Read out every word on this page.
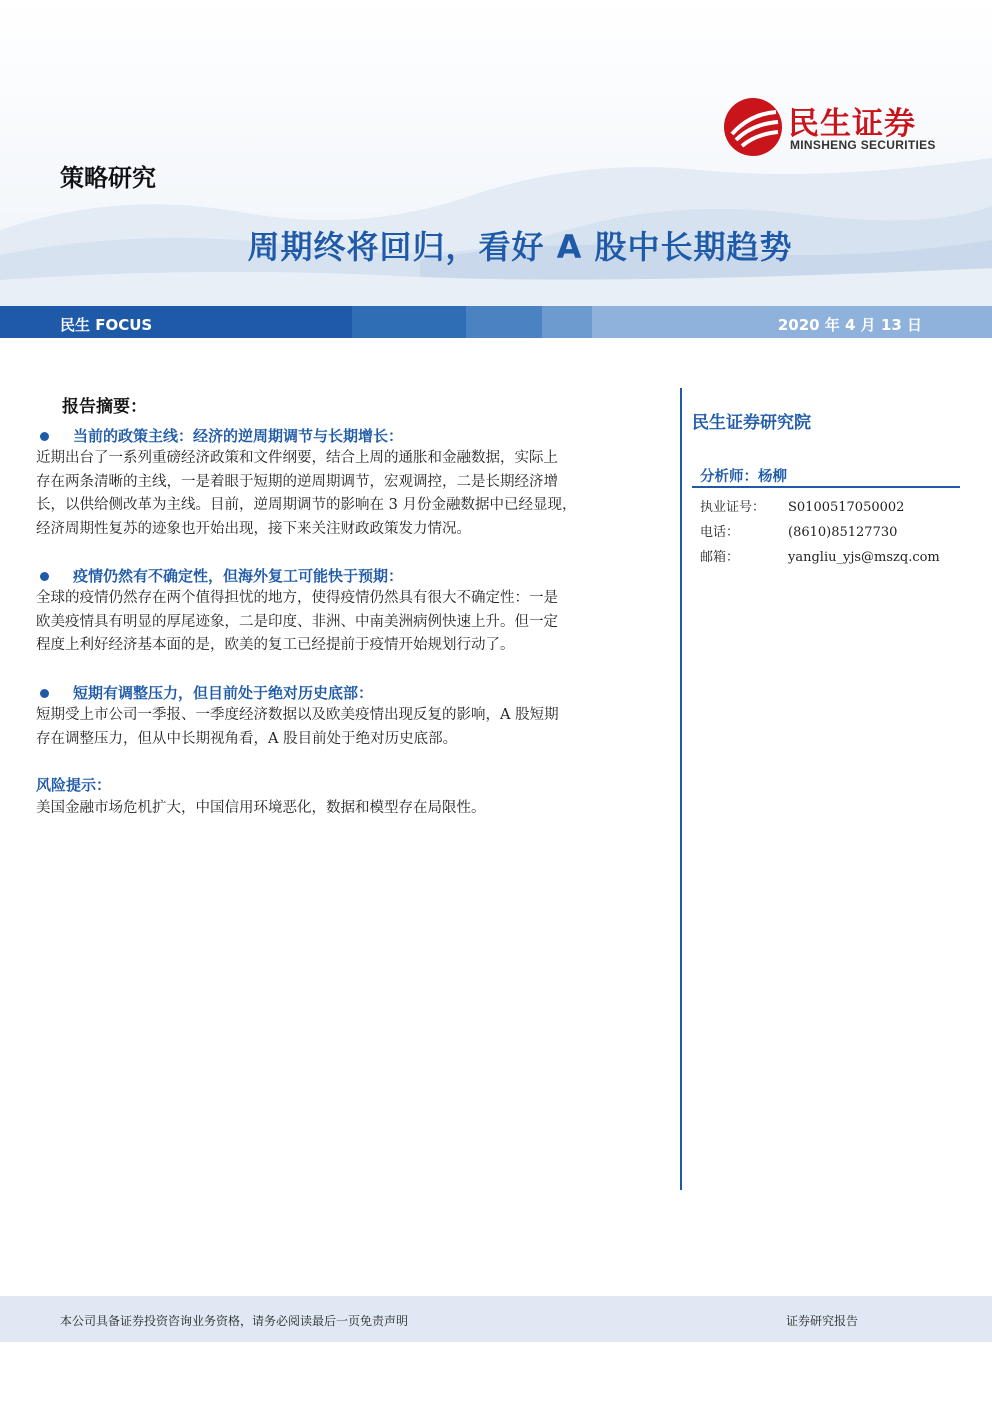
民生证券
MINSHENG SECURITIES
策略研究
周期终将回归，看好 A 股中长期趋势
民生 FOCUS	2020 年 4 月 13 日
报告摘要：
当前的政策主线：经济的逆周期调节与长期增长：
近期出台了一系列重磅经济政策和文件纲要，结合上周的通胀和金融数据，实际上
存在两条清晰的主线，一是着眼于短期的逆周期调节，宏观调控，二是长期经济增
长，以供给侧改革为主线。目前，逆周期调节的影响在 3 月份金融数据中已经显现，
经济周期性复苏的迹象也开始出现，接下来关注财政政策发力情况。
疫情仍然有不确定性，但海外复工可能快于预期：
全球的疫情仍然存在两个值得担忧的地方，使得疫情仍然具有很大不确定性：一是
欧美疫情具有明显的厚尾迹象，二是印度、非洲、中南美洲病例快速上升。但一定
程度上利好经济基本面的是，欧美的复工已经提前于疫情开始规划行动了。
短期有调整压力，但目前处于绝对历史底部：
短期受上市公司一季报、一季度经济数据以及欧美疫情出现反复的影响，A 股短期
存在调整压力，但从中长期视角看，A 股目前处于绝对历史底部。
风险提示：
美国金融市场危机扩大，中国信用环境恶化，数据和模型存在局限性。
民生证券研究院
分析师：杨柳
执业证号： S0100517050002
电话：	(8610)85127730
邮箱：	yangliu_yjs@mszq.com
本公司具备证券投资咨询业务资格，请务必阅读最后一页免责声明	证券研究报告
